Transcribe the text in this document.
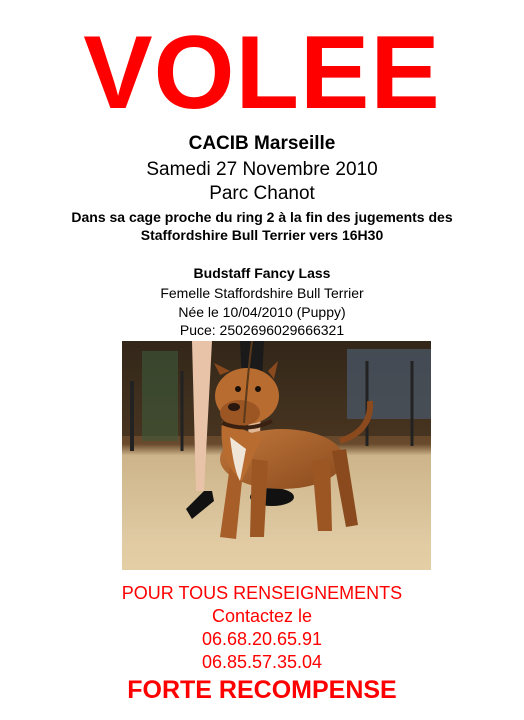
VOLEE
CACIB Marseille
Samedi 27 Novembre 2010
Parc Chanot
Dans sa cage proche du ring 2 à la fin des jugements des
Staffordshire Bull Terrier vers 16H30
Budstaff Fancy Lass
Femelle Staffordshire Bull Terrier
Née le 10/04/2010 (Puppy)
Puce: 2502696029666321
POUR TOUS RENSEIGNEMENTS
Contactez le
06.68.20.65.91
06.85.57.35.04
FORTE RECOMPENSE
